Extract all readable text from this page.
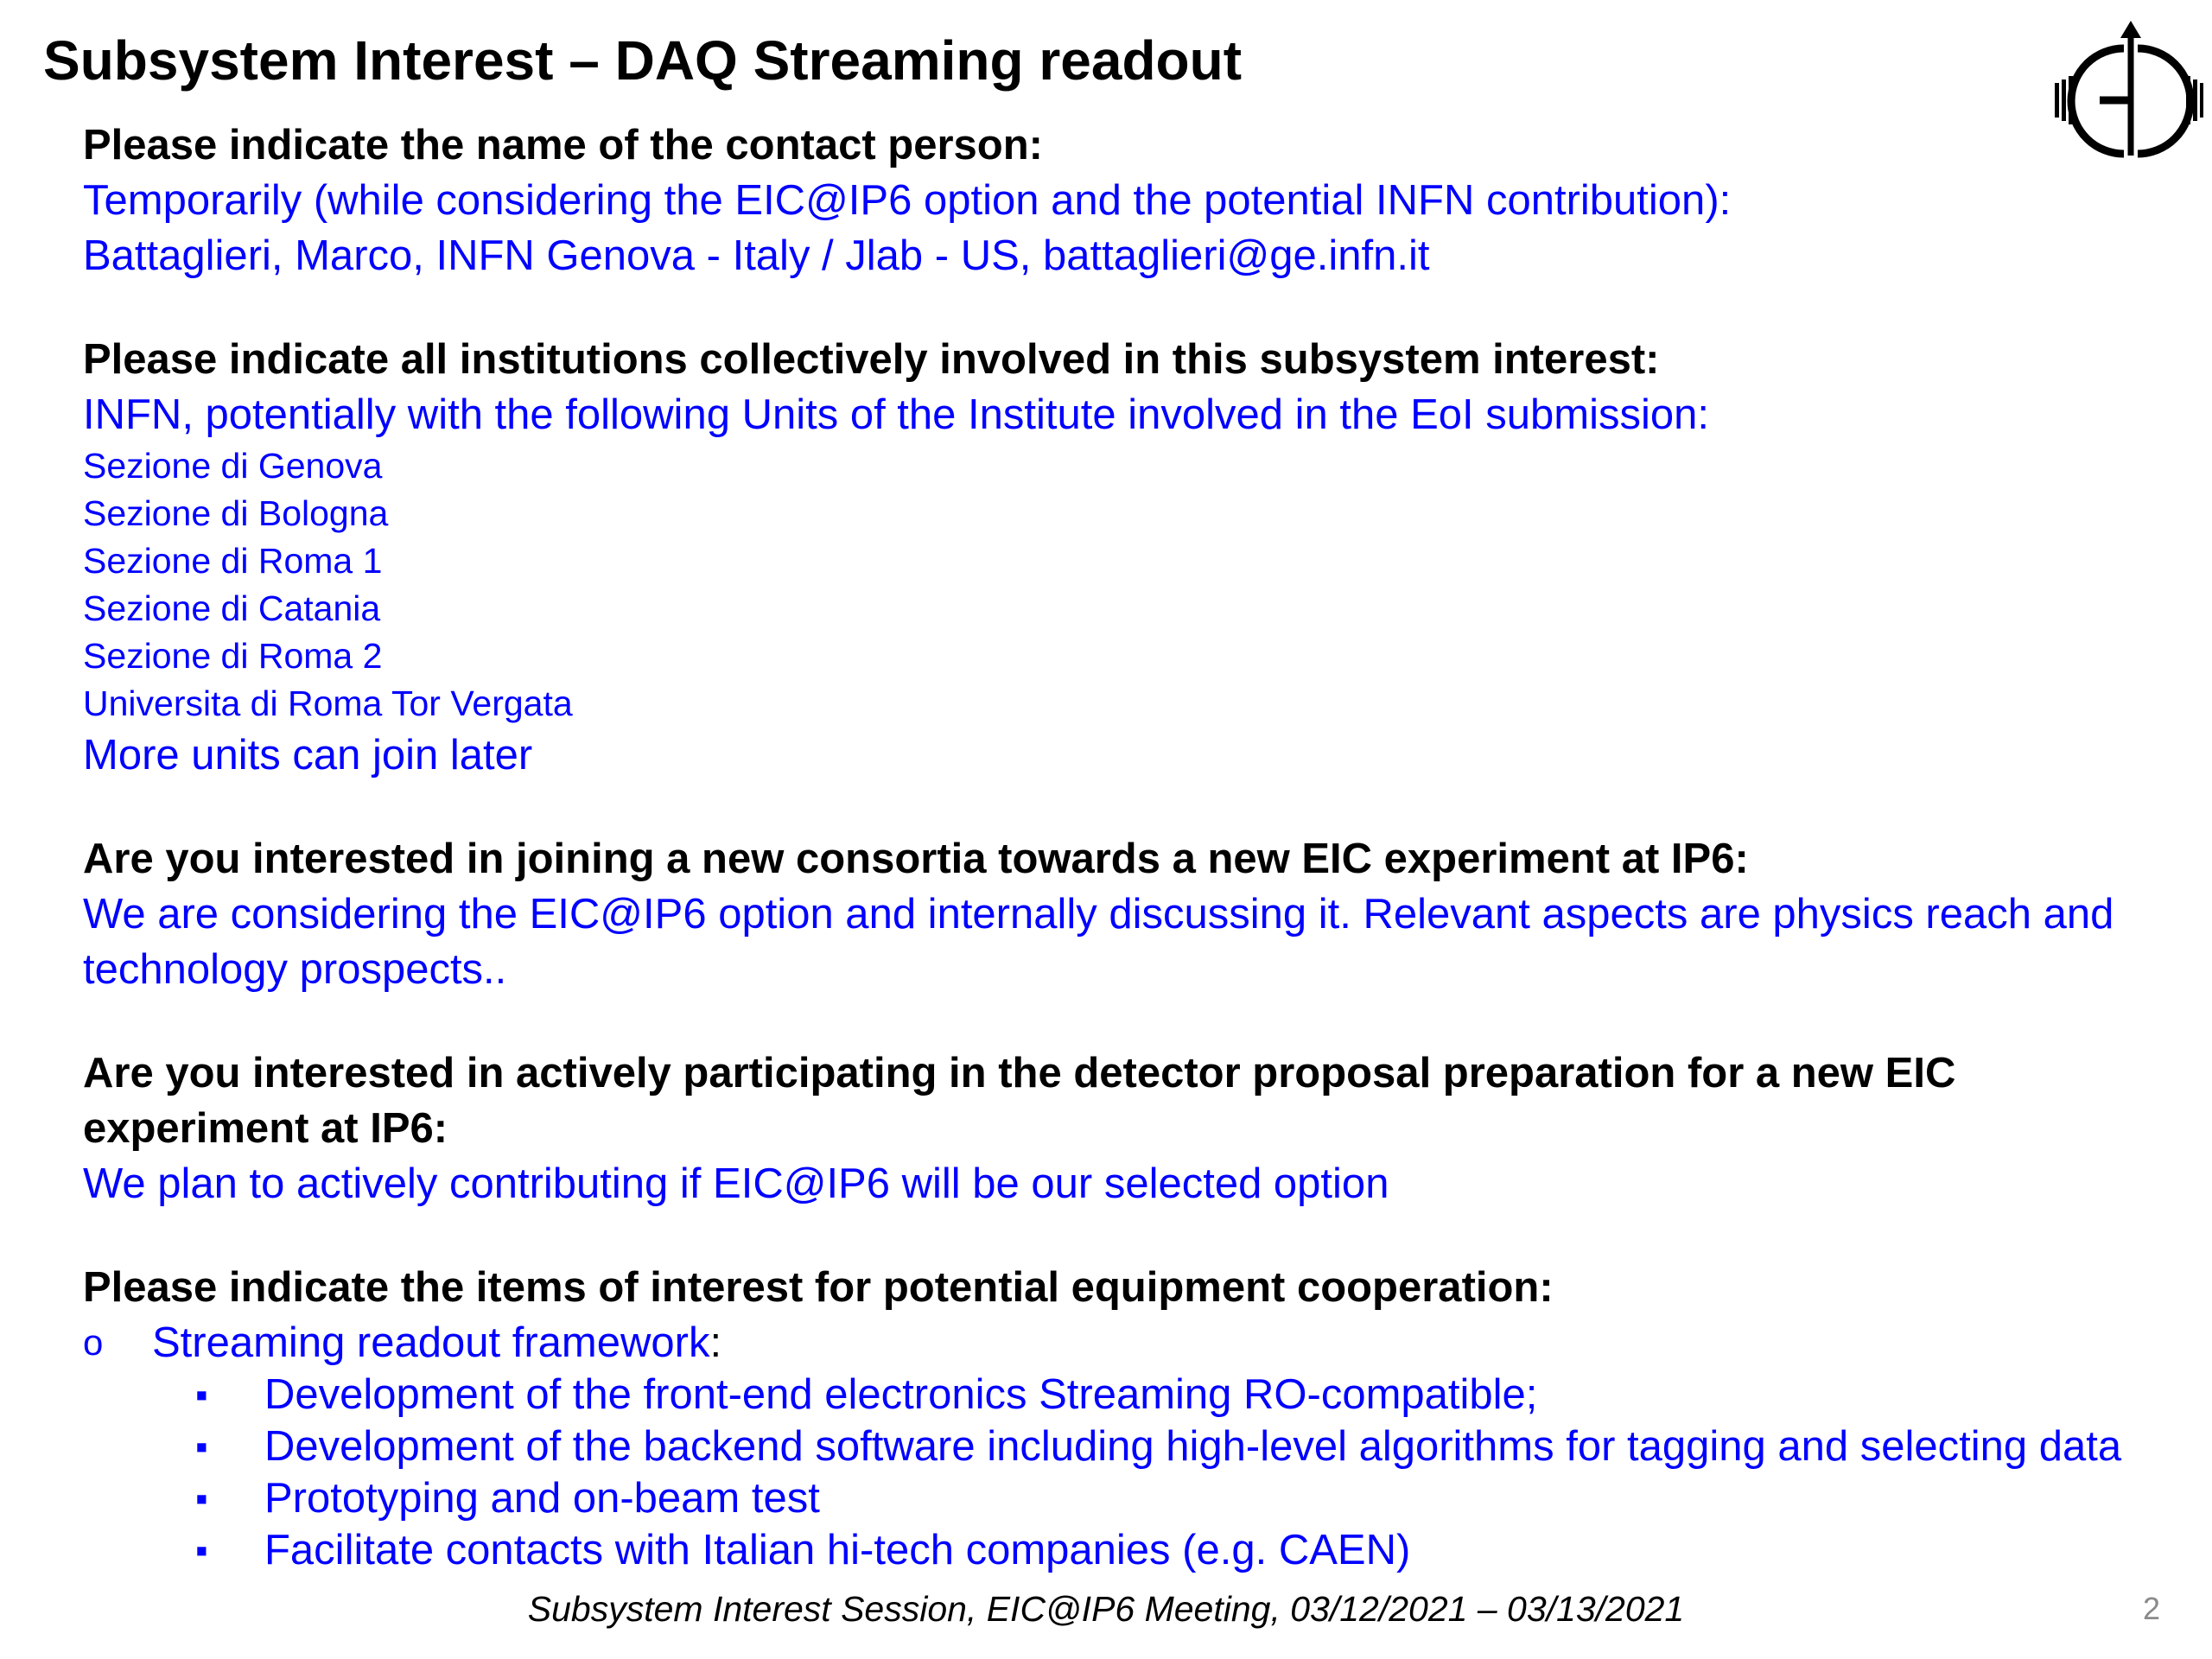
Subsystem Interest – DAQ Streaming readout
Please indicate the name of the contact person:
Temporarily (while considering the EIC@IP6 option and the potential INFN contribution):
Battaglieri, Marco, INFN Genova - Italy / Jlab - US, battaglieri@ge.infn.it
Please indicate all institutions collectively involved in this subsystem interest:
INFN, potentially with the following Units of the Institute involved in the EoI submission:
Sezione di Genova
Sezione di Bologna
Sezione di Roma 1
Sezione di Catania
Sezione di Roma 2
Universita di Roma Tor Vergata
More units can join later
Are you interested in joining a new consortia towards a new EIC experiment at IP6:
We are considering the EIC@IP6 option and internally discussing it. Relevant aspects are physics reach and
technology prospects..
Are you interested in actively participating in the detector proposal preparation for a new EIC
experiment at IP6:
We plan to actively contributing if EIC@IP6 will be our selected option
Please indicate the items of interest for potential equipment cooperation:
o Streaming readout framework:
▪ Development of the front-end electronics Streaming RO-compatible;
▪ Development of the backend software including high-level algorithms for tagging and selecting data
▪ Prototyping and on-beam test
▪ Facilitate contacts with Italian hi-tech companies (e.g. CAEN)
Subsystem Interest Session, EIC@IP6 Meeting, 03/12/2021 – 03/13/2021	2
